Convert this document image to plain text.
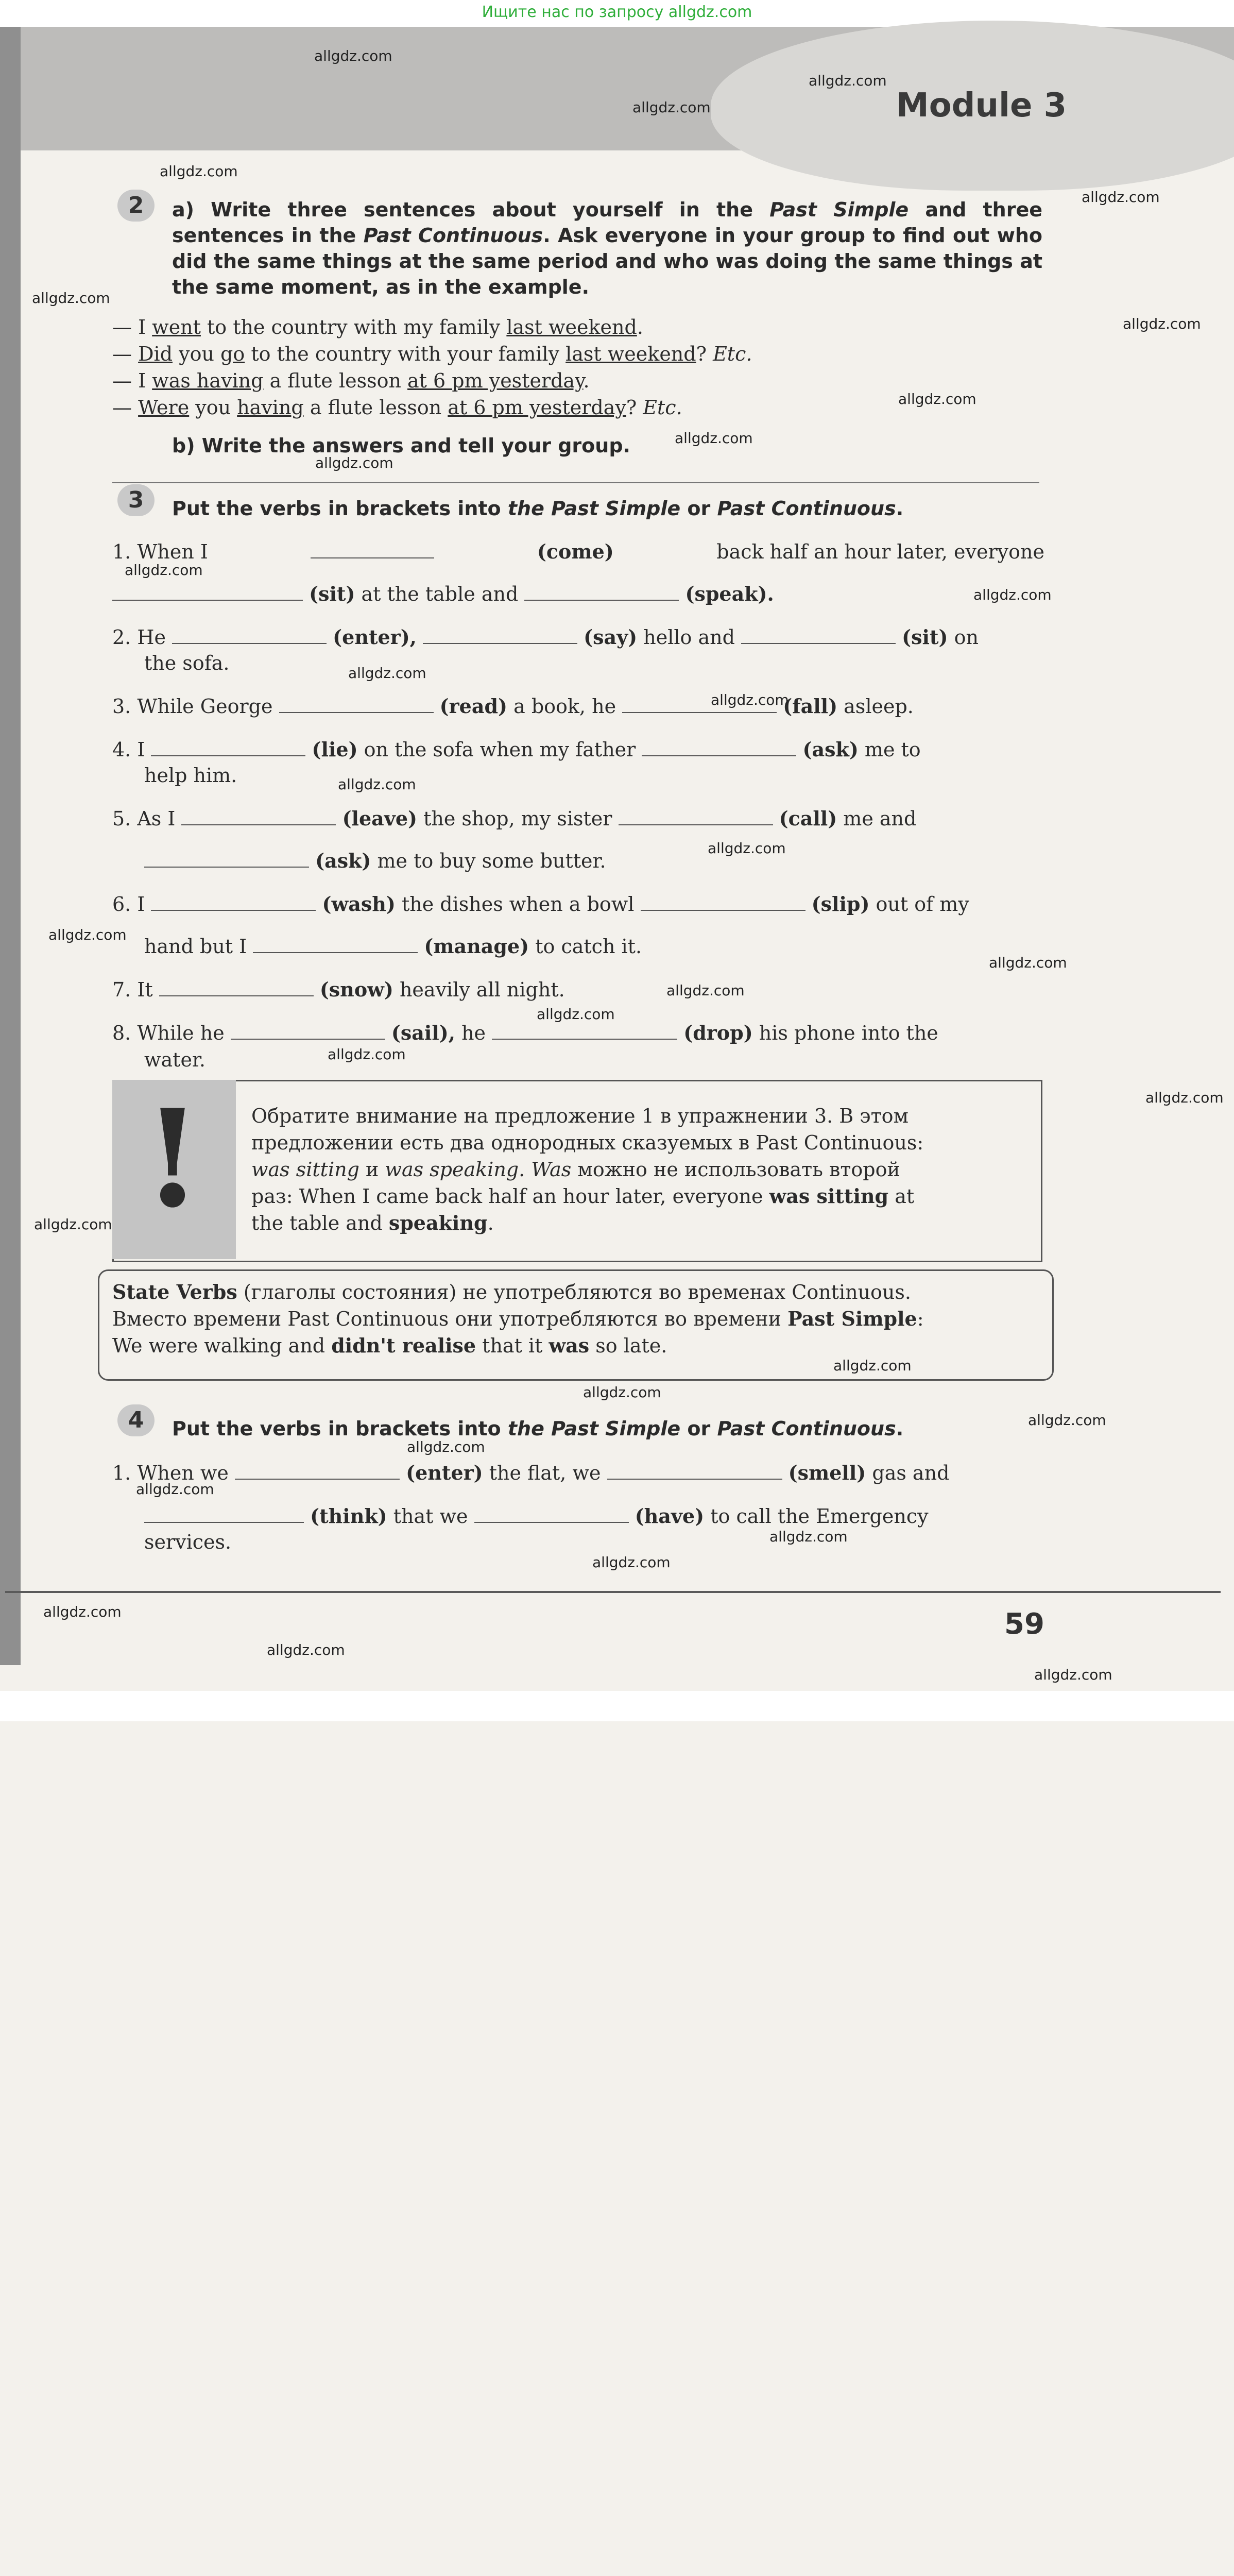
Ищите нас по запросу allgdz.com
Module 3
2	a) Write three sentences about yourself in the Past Simple and three sentences in the Past Continuous. Ask everyone in your group to find out who did the same things at the same period and who was doing the same things at the same moment, as in the example.
— I went to the country with my family last weekend.
— Did you go to the country with your family last weekend? Etc.
— I was having a flute lesson at 6 pm yesterday.
— Were you having a flute lesson at 6 pm yesterday? Etc.
b) Write the answers and tell your group.
3	Put the verbs in brackets into the Past Simple or Past Continuous.
1. When I	(come)	back half an hour later, everyone
(sit) at the table and	(speak).
2. He	(enter),	(say) hello and	(sit) on
the sofa.
3. While George	(read) a book, he	(fall) asleep.
4. I	(lie) on the sofa when my father	(ask) me to
help him.
5. As I	(leave) the shop, my sister	(call) me and
(ask) me to buy some butter.
6. I	(wash) the dishes when a bowl	(slip) out of my
hand but I	(manage) to catch it.
7. It	(snow) heavily all night.
8. While he	(sail), he	(drop) his phone into the
water.
!	Обратите внимание на предложение 1 в упражнении 3. В этом
предложении есть два однородных сказуемых в Past Continuous:
was sitting и was speaking. Was можно не использовать второй
раз: When I came back half an hour later, everyone was sitting at
the table and speaking.
State Verbs (глаголы состояния) не употребляются во временах Continuous.
Вместо времени Past Continuous они употребляются во времени Past Simple:
We were walking and didn't realise that it was so late.
4	Put the verbs in brackets into the Past Simple or Past Continuous.
1. When we	(enter) the flat, we	(smell) gas and
(think) that we	(have) to call the Emergency
services.
59
allgdz.com
allgdz.com
allgdz.com
allgdz.com
allgdz.com
allgdz.com
allgdz.com
allgdz.com
allgdz.com
allgdz.com
allgdz.com
allgdz.com
allgdz.com
allgdz.com
allgdz.com
allgdz.com
allgdz.com
allgdz.com
allgdz.com
allgdz.com
allgdz.com
allgdz.com
allgdz.com
allgdz.com
allgdz.com
allgdz.com
allgdz.com
allgdz.com
allgdz.com
allgdz.com
allgdz.com
allgdz.com
allgdz.com
